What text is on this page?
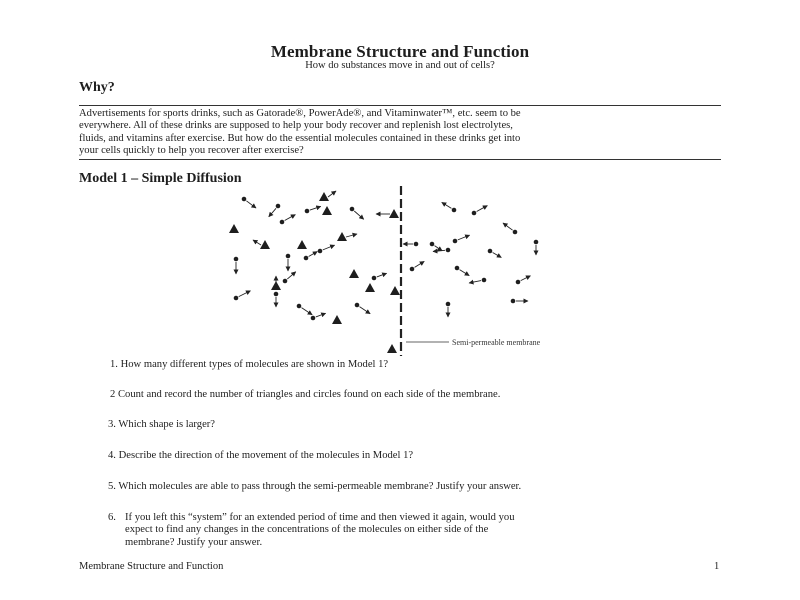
Membrane Structure and Function
How do substances move in and out of cells?
Why?
Advertisements for sports drinks, such as Gatorade®, PowerAde®, and Vitaminwater™, etc. seem to be
everywhere. All of these drinks are supposed to help your body recover and replenish lost electrolytes,
fluids, and vitamins after exercise. But how do the essential molecules contained in these drinks get into
your cells quickly to help you recover after exercise?
Model 1 – Simple Diffusion
Semi-permeable membrane
1. How many different types of molecules are shown in Model 1?
2 Count and record the number of triangles and circles found on each side of the membrane.
3. Which shape is larger?
4. Describe the direction of the movement of the molecules in Model 1?
5. Which molecules are able to pass through the semi-permeable membrane? Justify your answer.
6. If you left this “system” for an extended period of time and then viewed it again, would you
expect to find any changes in the concentrations of the molecules on either side of the
membrane? Justify your answer.
Membrane Structure and Function	1
